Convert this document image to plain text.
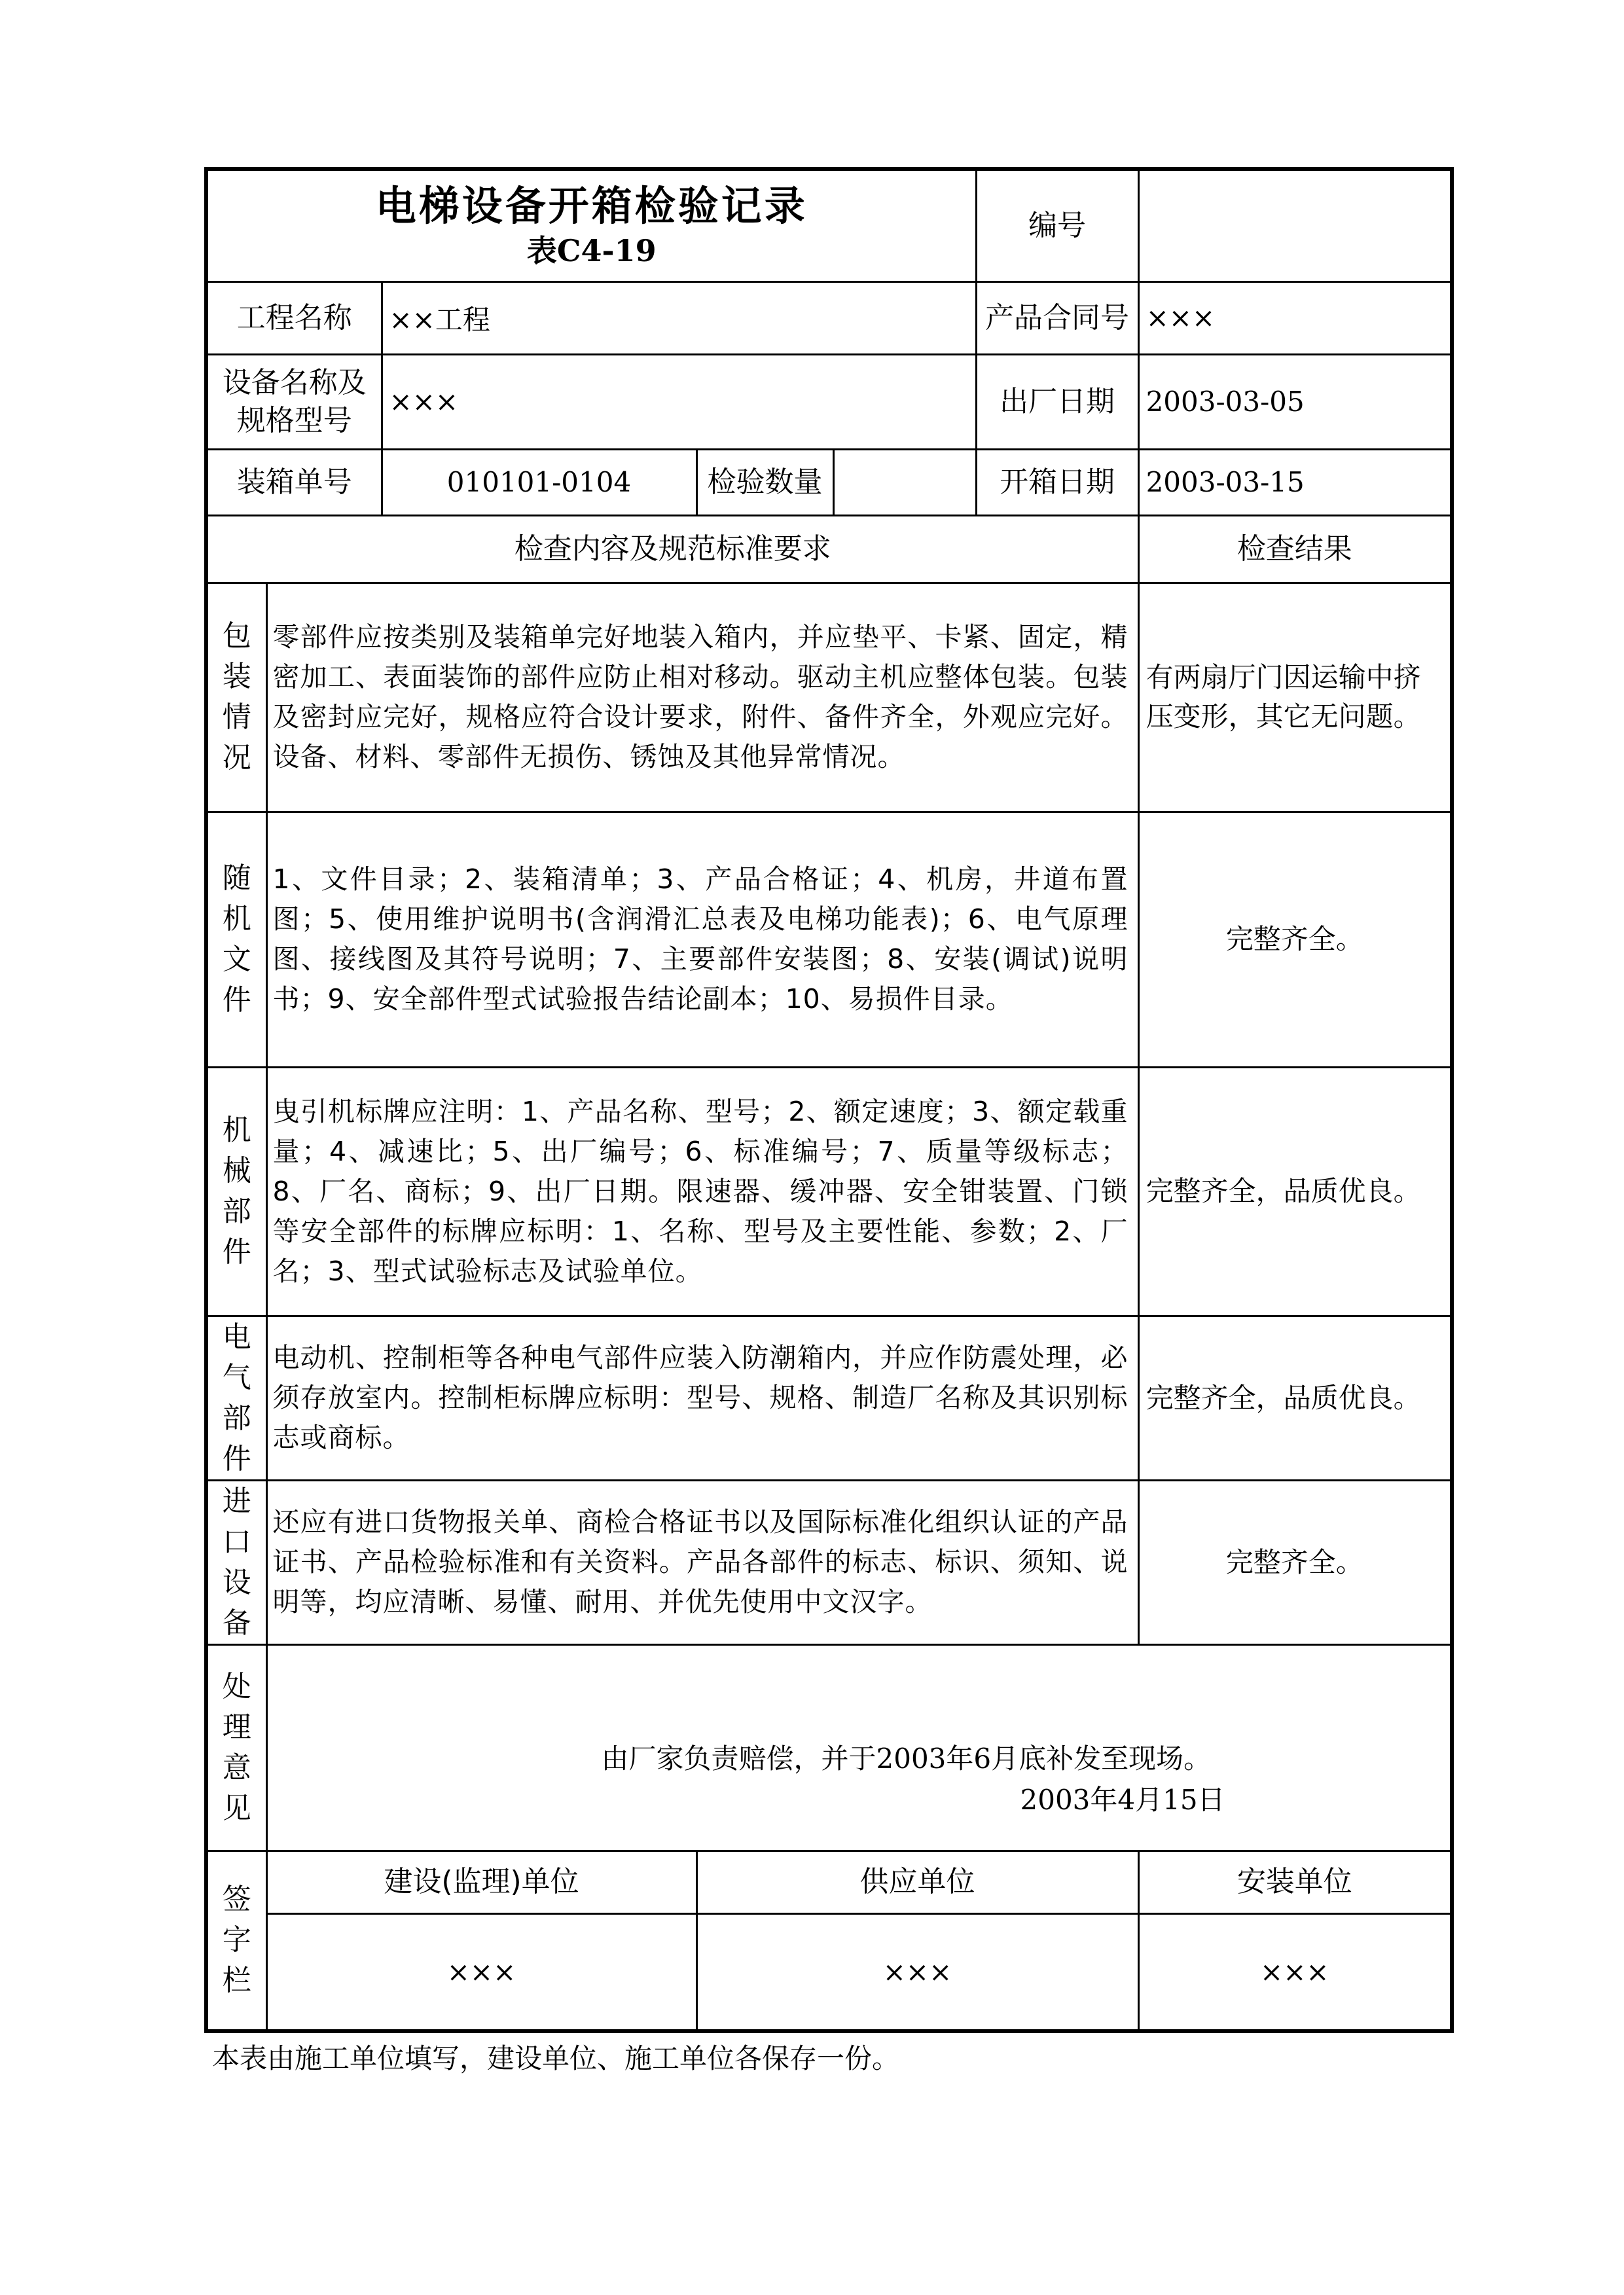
电梯设备开箱检验记录
表C4-19					编号	
工程名称		××工程			产品合同号	×××

设备名称及规格型号		×××			出厂日期	2003-03-05
装箱单号		010101-0104	检验数量		开箱日期	2003-03-15
检查内容及规范标准要求						检查结果

包装情况	零部件应按类别及装箱单完好地装入箱内，并应垫平、卡紧、固定，精密加工、表面装饰的部件应防止相对移动。驱动主机应整体包装。包装及密封应完好，规格应符合设计要求，附件、备件齐全，外观应完好。设备、材料、零部件无损伤、锈蚀及其他异常情况。					有两扇厅门因运输中挤压变形，其它无问题。

随机文件	1、文件目录；2、装箱清单；3、产品合格证；4、机房，井道布置图；5、使用维护说明书(含润滑汇总表及电梯功能表)；6、电气原理图、接线图及其符号说明；7、主要部件安装图；8、安装(调试)说明书；9、安全部件型式试验报告结论副本；10、易损件目录。					完整齐全。

机械部件	曳引机标牌应注明：1、产品名称、型号；2、额定速度；3、额定载重量；4、减速比；5、出厂编号；6、标准编号；7、质量等级标志；8、厂名、商标；9、出厂日期。限速器、缓冲器、安全钳装置、门锁等安全部件的标牌应标明：1、名称、型号及主要性能、参数；2、厂名；3、型式试验标志及试验单位。					完整齐全，品质优良。

电气部件	电动机、控制柜等各种电气部件应装入防潮箱内，并应作防震处理，必须存放室内。控制柜标牌应标明：型号、规格、制造厂名称及其识别标志或商标。					完整齐全，品质优良。

进口设备	还应有进口货物报关单、商检合格证书以及国际标准化组织认证的产品证书、产品检验标准和有关资料。产品各部件的标志、标识、须知、说明等，均应清晰、易懂、耐用、并优先使用中文汉字。					完整齐全。

处理意见	由厂家负责赔偿，并于2003年6月底补发至现场。
2003年4月15日					

签字栏	建设(监理)单位		供应单位			安装单位
	×××		×××			×××
本表由施工单位填写，建设单位、施工单位各保存一份。
